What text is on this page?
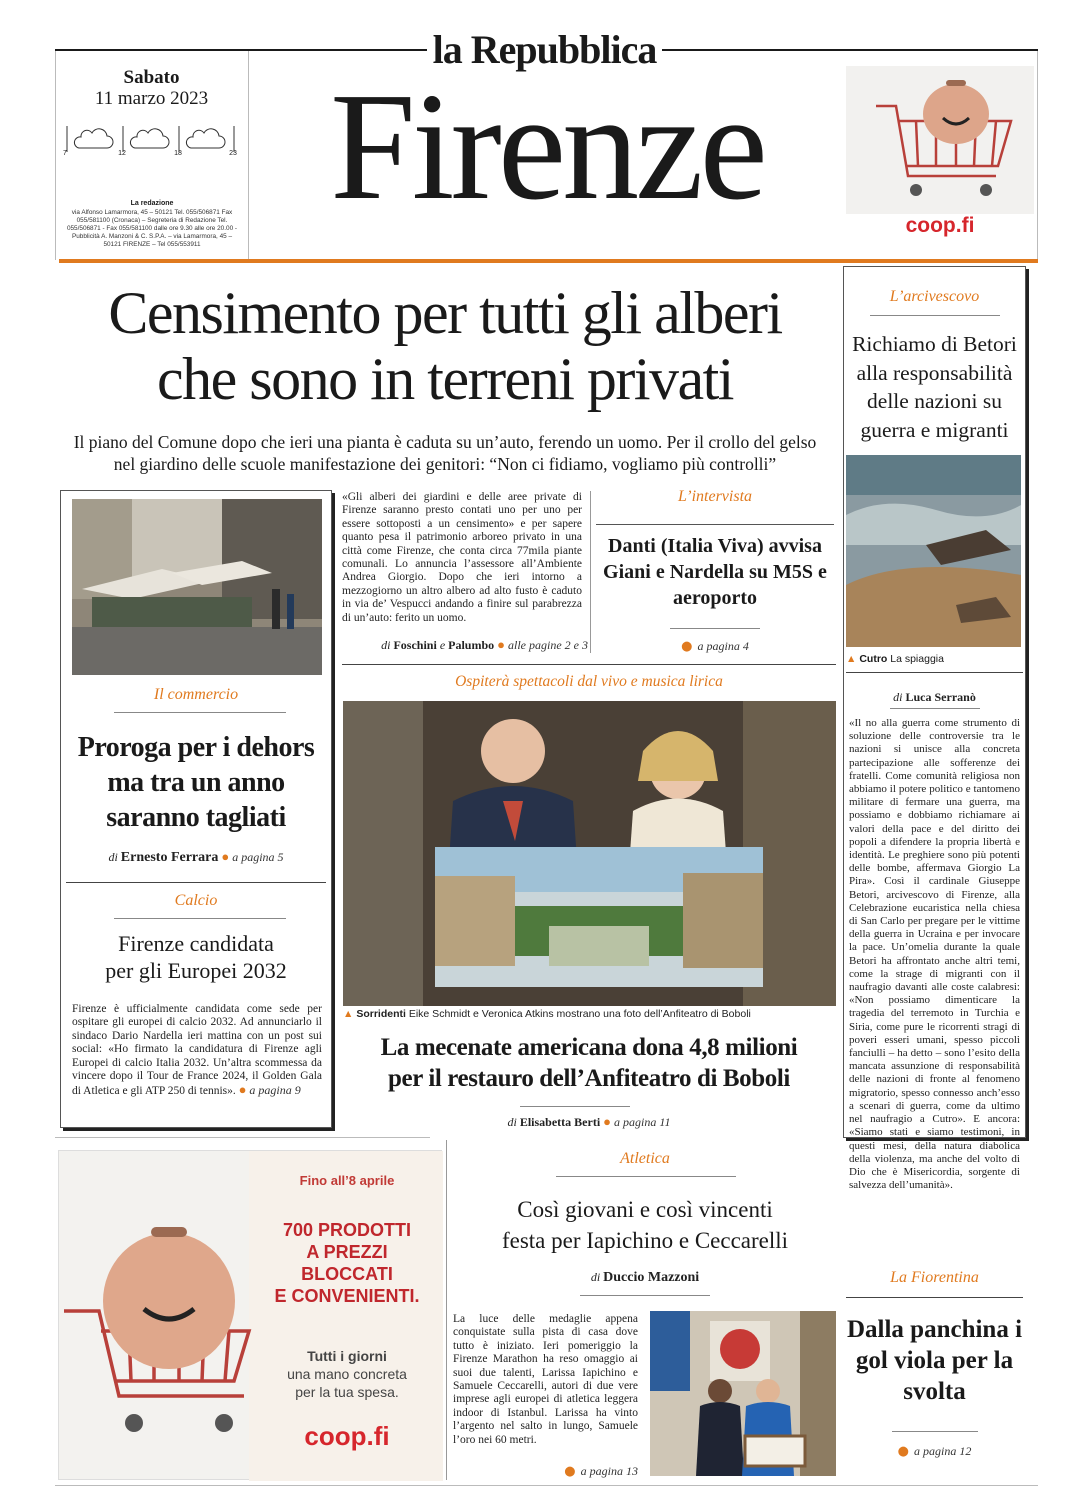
la Repubblica
Sabato
11 marzo 2023
7	12	18	23
La redazione
via Alfonso Lamarmora, 45 – 50121 Tel. 055/506871 Fax 055/581100 (Cronaca) – Segreteria di Redazione Tel. 055/506871 - Fax 055/581100 dalle ore 9.30 alle ore 20.00 - Pubblicità A. Manzoni & C. S.P.A. – via Lamarmora, 45 – 50121 FIRENZE – Tel 055/553911
Firenze	coop.fi
Censimento per tutti gli alberi
che sono in terreni privati
Il piano del Comune dopo che ieri una pianta è caduta su un’auto, ferendo un uomo. Per il crollo del gelso
nel giardino delle scuole manifestazione dei genitori: “Non ci fidiamo, vogliamo più controlli”
Il commercio
Proroga per i dehors ma tra un anno saranno tagliati
di Ernesto Ferrara ● a pagina 5
Calcio
Firenze candidata
per gli Europei 2032
Firenze è ufficialmente candidata come sede per ospitare gli europei di calcio 2032. Ad annunciarlo il sindaco Dario Nardella ieri mattina con un post sui social: «Ho firmato la candidatura di Firenze agli Europei di calcio Italia 2032. Un’altra scommessa da vincere dopo il Tour de France 2024, il Golden Gala di Atletica e gli ATP 250 di tennis». ● a pagina 9
«Gli alberi dei giardini e delle aree private di Firenze saranno presto contati uno per uno per essere sottoposti a un censimento» e per sapere quanto pesa il patrimonio arboreo privato in una città come Firenze, che conta circa 77mila piante comunali. Lo annuncia l’assessore all’Ambiente Andrea Giorgio. Dopo che ieri intorno a mezzogiorno un altro albero ad alto fusto è caduto in via de’ Vespucci andando a finire sul parabrezza di un’auto: ferito un uomo.
di Foschini e Palumbo ● alle pagine 2 e 3
L’intervista
Danti (Italia Viva) avvisa Giani e Nardella su M5S e aeroporto
● a pagina 4
Ospiterà spettacoli dal vivo e musica lirica
▲ Sorridenti Eike Schmidt e Veronica Atkins mostrano una foto dell’Anfiteatro di Boboli
La mecenate americana dona 4,8 milioni
per il restauro dell’Anfiteatro di Boboli
di Elisabetta Berti ● a pagina 11
L’arcivescovo
Richiamo di Betori alla responsabilità delle nazioni su guerra e migranti
▲ Cutro La spiaggia
di Luca Serranò
«Il no alla guerra come strumento di soluzione delle controversie tra le nazioni si unisce alla concreta partecipazione alle sofferenze dei fratelli. Come comunità religiosa non abbiamo il potere politico e tantomeno militare di fermare una guerra, ma possiamo e dobbiamo richiamare ai valori della pace e del diritto dei popoli a difendere la propria libertà e identità. Le preghiere sono più potenti delle bombe, affermava Giorgio La Pira». Così il cardinale Giuseppe Betori, arcivescovo di Firenze, alla Celebrazione eucaristica nella chiesa di San Carlo per pregare per le vittime della guerra in Ucraina e per invocare la pace. Un’omelia durante la quale Betori ha affrontato anche altri temi, come la strage di migranti con il naufragio davanti alle coste calabresi: «Non possiamo dimenticare la tragedia del terremoto in Turchia e Siria, come pure le ricorrenti stragi di poveri esseri umani, spesso piccoli fanciulli – ha detto – sono l’esito della mancata assunzione di responsabilità delle nazioni di fronte al fenomeno migratorio, spesso connesso anch’esso a scenari di guerra, come da ultimo nel naufragio a Cutro». E ancora: «Siamo stati e siamo testimoni, in questi mesi, della natura diabolica della violenza, ma anche del volto di Dio che è Misericordia, sorgente di salvezza dell’umanità».
La Fiorentina
Dalla panchina i gol viola per la svolta
● a pagina 12
Atletica
Così giovani e così vincenti
festa per Iapichino e Ceccarelli
di Duccio Mazzoni
La luce delle medaglie appena conquistate sulla pista di casa dove tutto è iniziato. Ieri pomeriggio la Firenze Marathon ha reso omaggio ai suoi due talenti, Larissa Iapichino e Samuele Ceccarelli, autori di due vere imprese agli europei di atletica leggera indoor di Istanbul. Larissa ha vinto l’argento nel salto in lungo, Samuele l’oro nei 60 metri.
● a pagina 13
Fino all’8 aprile
700 PRODOTTI
A PREZZI
BLOCCATI
E CONVENIENTI.
Tutti i giorni
una mano concreta
per la tua spesa.
coop.fi
